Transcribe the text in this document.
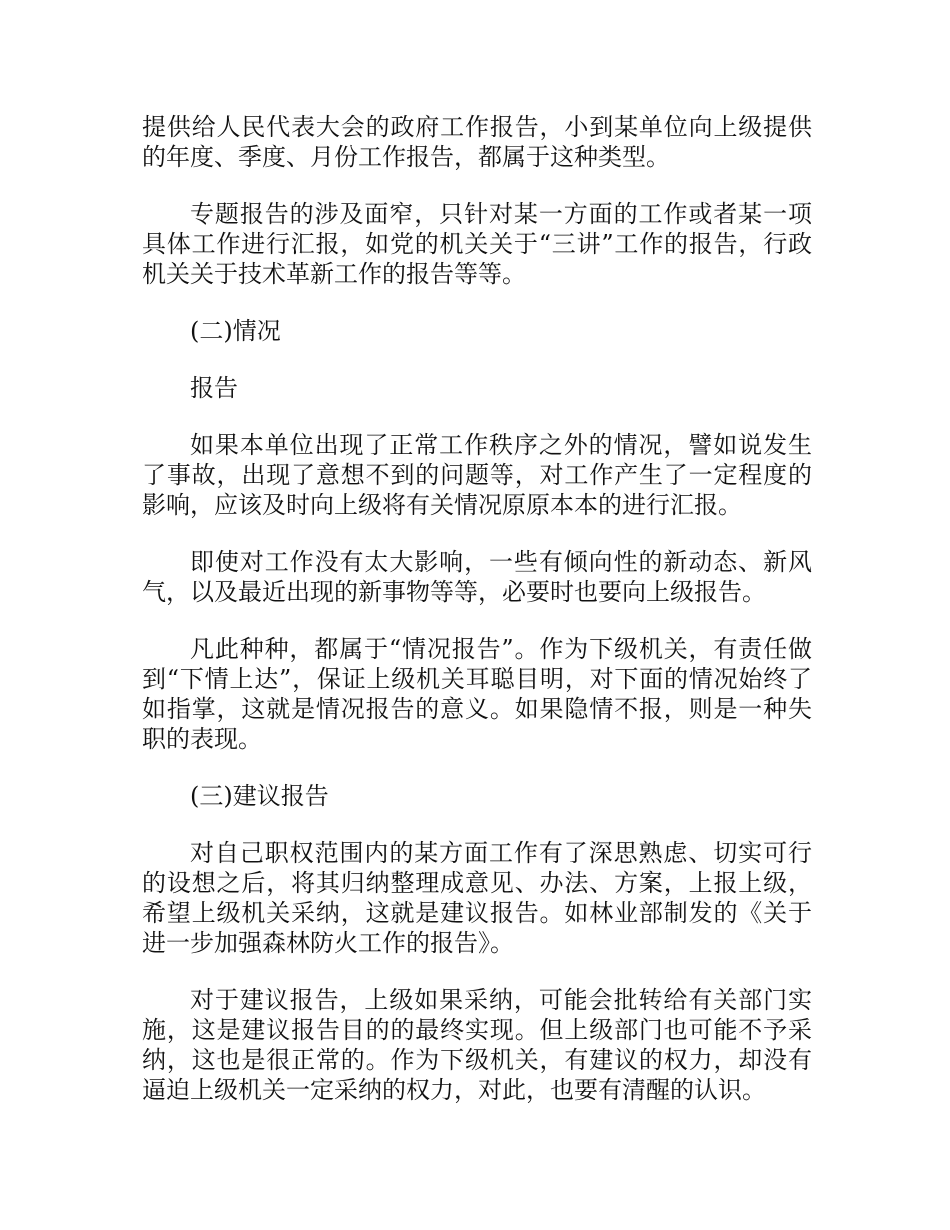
提供给人民代表大会的政府工作报告，小到某单位向上级提供的年度、季度、月份工作报告，都属于这种类型。

专题报告的涉及面窄，只针对某一方面的工作或者某一项具体工作进行汇报，如党的机关关于“三讲”工作的报告，行政机关关于技术革新工作的报告等等。

(二)情况

报告

如果本单位出现了正常工作秩序之外的情况，譬如说发生了事故，出现了意想不到的问题等，对工作产生了一定程度的影响，应该及时向上级将有关情况原原本本的进行汇报。

即使对工作没有太大影响，一些有倾向性的新动态、新风气，以及最近出现的新事物等等，必要时也要向上级报告。

凡此种种，都属于“情况报告”。作为下级机关，有责任做到“下情上达”，保证上级机关耳聪目明，对下面的情况始终了如指掌，这就是情况报告的意义。如果隐情不报，则是一种失职的表现。

(三)建议报告

对自己职权范围内的某方面工作有了深思熟虑、切实可行的设想之后，将其归纳整理成意见、办法、方案，上报上级，希望上级机关采纳，这就是建议报告。如林业部制发的《关于进一步加强森林防火工作的报告》。

对于建议报告，上级如果采纳，可能会批转给有关部门实施，这是建议报告目的的最终实现。但上级部门也可能不予采纳，这也是很正常的。作为下级机关，有建议的权力，却没有逼迫上级机关一定采纳的权力，对此，也要有清醒的认识。
